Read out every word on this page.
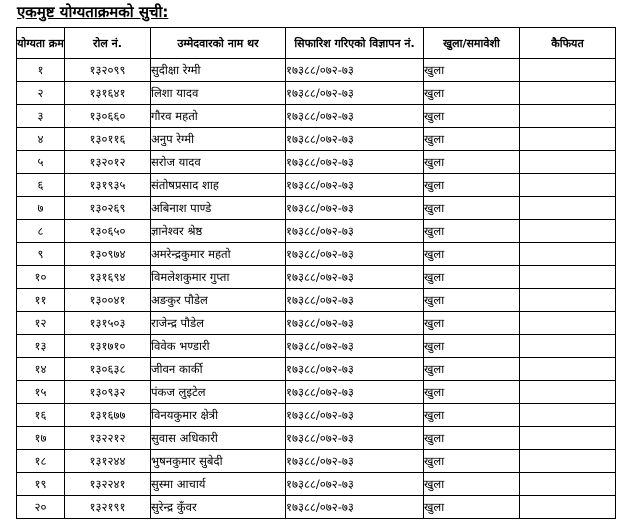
एकमुष्ट योग्यताक्रमको सुची:
योग्यता क्रम	रोल नं.	उम्मेदवारको नाम थर	सिफारिश गरिएको विज्ञापन नं.	खुला/समावेशी	कैफियत
१	१३२०९९	सुदीक्षा रेग्मी	१७३८८/०७२-७३	खुला	
२	१३१६४१	लिशा यादव	१७३८८/०७२-७३	खुला	
३	१३०६६०	गौरव महतो	१७३८८/०७२-७३	खुला	
४	१३०११६	अनुप रेग्मी	१७३८८/०७२-७३	खुला	
५	१३२०१२	सरोज यादव	१७३८८/०७२-७३	खुला	
६	१३१९३५	संतोषप्रसाद शाह	१७३८८/०७२-७३	खुला	
७	१३०२६९	अबिनाश पाण्डे	१७३८८/०७२-७३	खुला	
८	१३०६५०	ज्ञानेश्वर श्रेष्ठ	१७३८८/०७२-७३	खुला	
९	१३०९७४	अमरेन्द्रकुमार महतो	१७३८८/०७२-७३	खुला	
१०	१३१६९४	विमलेशकुमार गुप्ता	१७३८८/०७२-७३	खुला	
११	१३००४१	अङकुर पौडेल	१७३८८/०७२-७३	खुला	
१२	१३१५०३	राजेन्द्र पौडेल	१७३८८/०७२-७३	खुला	
१३	१३१७१०	विवेक भण्डारी	१७३८८/०७२-७३	खुला	
१४	१३०६३८	जीवन कार्की	१७३८८/०७२-७३	खुला	
१५	१३०९३२	पंकज लुइटेल	१७३८८/०७२-७३	खुला	
१६	१३१६७७	विनयकुमार क्षेत्री	१७३८८/०७२-७३	खुला	
१७	१३२२१२	सुवास अधिकारी	१७३८८/०७२-७३	खुला	
१८	१३१२४४	भुषनकुमार सुबेदी	१७३८८/०७२-७३	खुला	
१९	१३२२४१	सुस्मा आचार्य	१७३८८/०७२-७३	खुला	
२०	१३२१९१	सुरेन्द्र कुँवर	१७३८८/०७२-७३	खुला	
